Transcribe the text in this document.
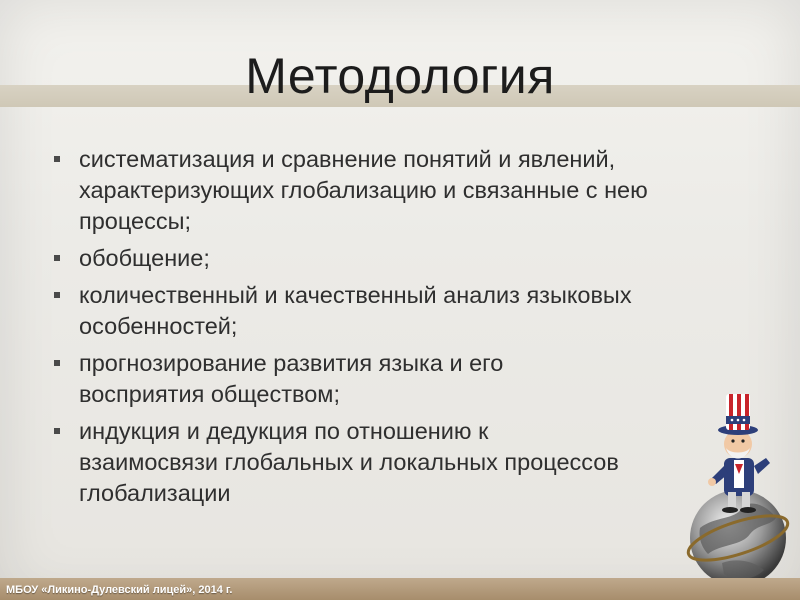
Методология
систематизация и сравнение понятий и явлений, характеризующих глобализацию и связанные с нею процессы;
обобщение;
количественный и качественный анализ языковых особенностей;
прогнозирование развития языка и его восприятия обществом;
индукция и дедукция по отношению к взаимосвязи глобальных и локальных процессов глобализации
МБОУ «Ликино-Дулевский лицей», 2014 г.
